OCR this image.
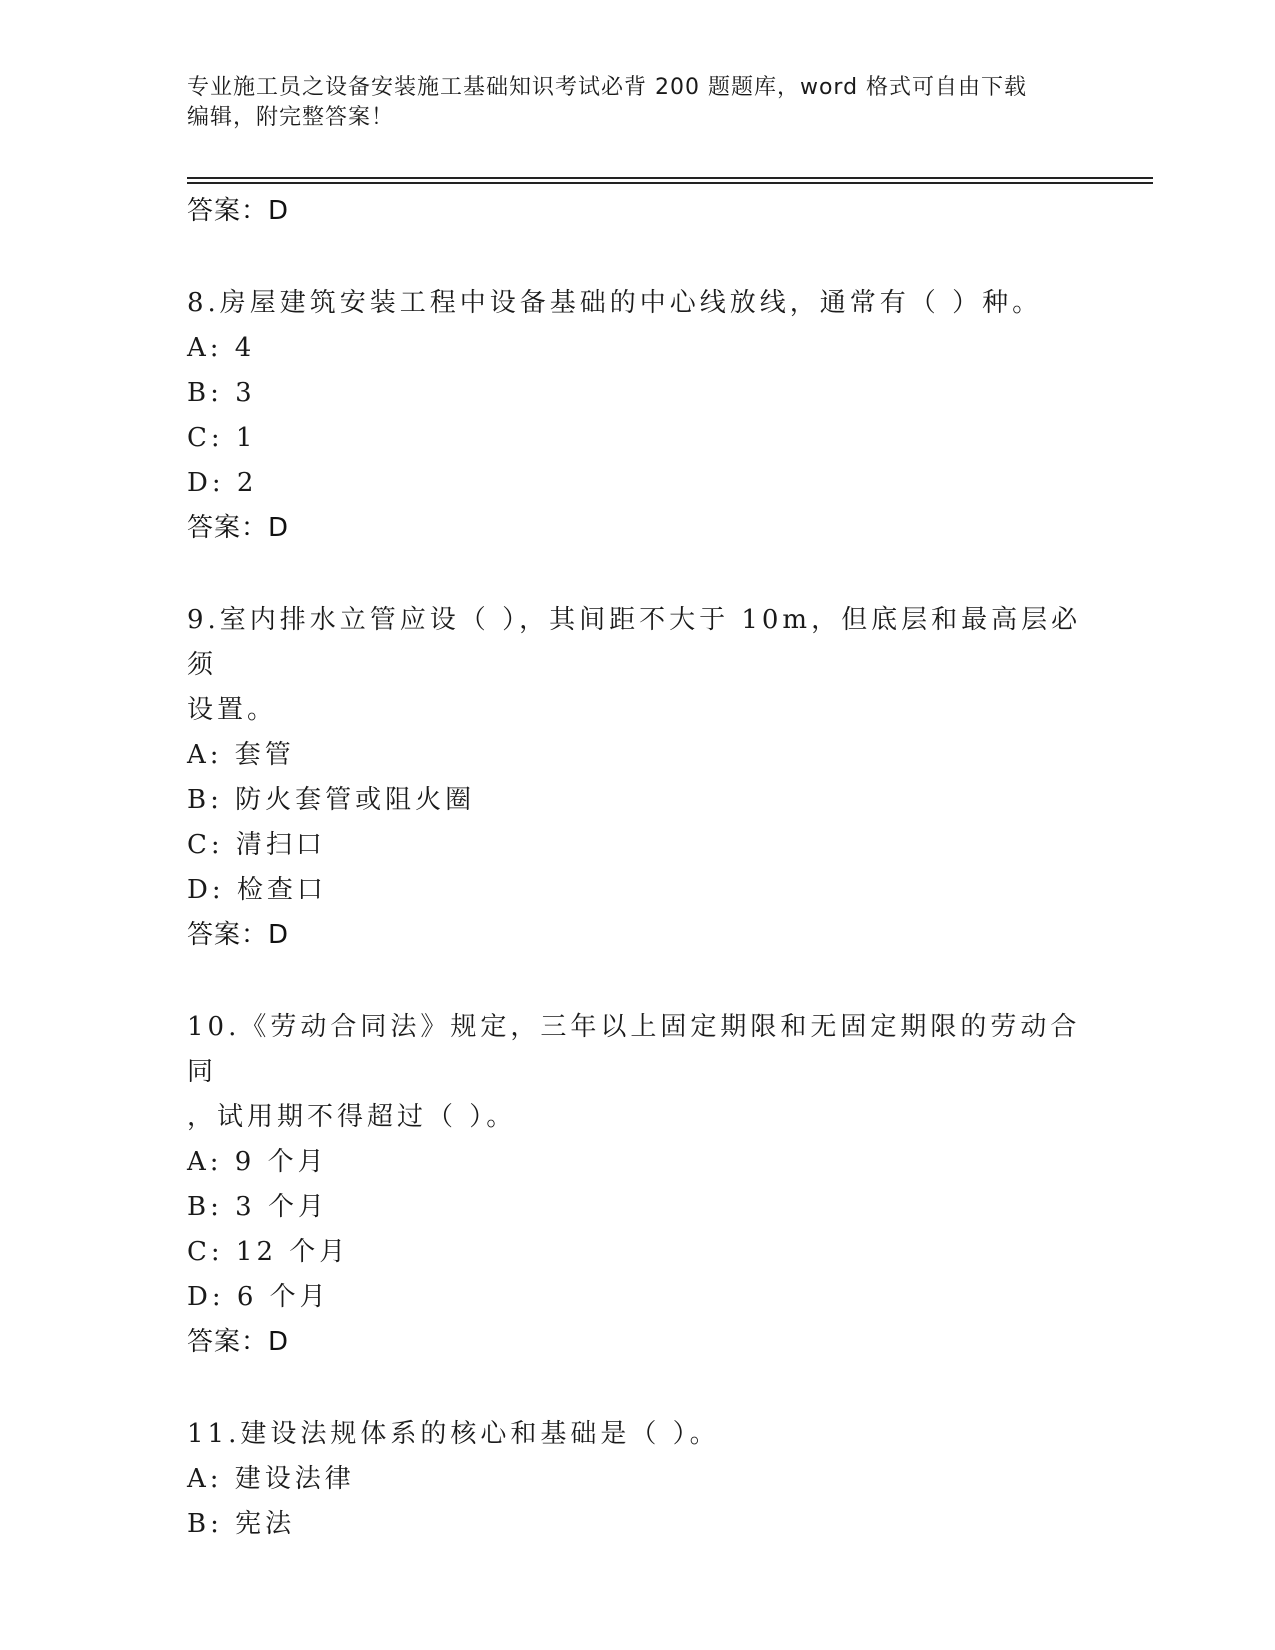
专业施工员之设备安装施工基础知识考试必背 200 题题库，word 格式可自由下载
编辑，附完整答案！
答案：D
8.房屋建筑安装工程中设备基础的中心线放线，通常有（ ）种。
A: 4
B: 3
C: 1
D: 2
答案：D
9.室内排水立管应设（ ），其间距不大于 10m，但底层和最高层必须
设置。
A: 套管
B: 防火套管或阻火圈
C: 清扫口
D: 检查口
答案：D
10.《劳动合同法》规定，三年以上固定期限和无固定期限的劳动合同
，试用期不得超过（ ）。
A: 9 个月
B: 3 个月
C: 12 个月
D: 6 个月
答案：D
11.建设法规体系的核心和基础是（ ）。
A: 建设法律
B: 宪法
